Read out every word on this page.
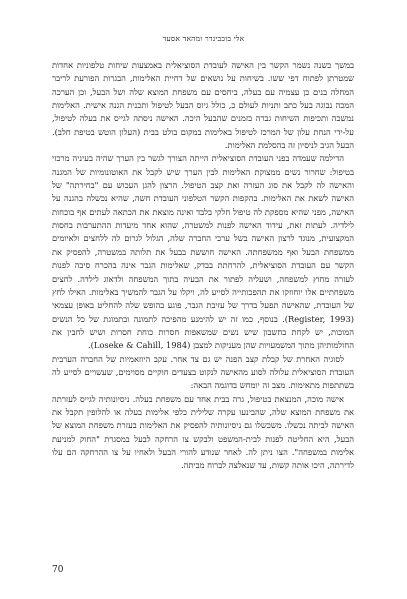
אלי בוכבינדר ומהאד אסעד

במשך כשנה נשמר הקשר בין האישה לעובדת הסוציאלית באמצעות שיחות טלפוניות אחדות שמטרתן לפתוח דפי ששו. בשיחות על נושאים של דחיית האלימות, הבגרות הפורעת לריבר המחלה בנים כן עצמיה עם בעלה, ביחסים עם משפחת המוצא שלה ושל הבעל, וכן הערכה המכה נבוגה בעל כתב ותניות לעולם כ, כולל גיוס הבעל לטיפול ותכנית הגנה אישית. האלימות נמשכה ותכיפות השיחות גברה בזמנים שהבעל היכה. האישה ניסתה לגייס את בעלה לטיפול, על-ידי הנחת עלון של המרכז לטיפול באלימות במקום בולט בבית (העלון הוטש בטיפת חלב). הבעל הגיב לניסיון זה בהסלמת האלימות.

הדילמה שעמדה בפני העובדת הסוציאלית הייתה הצורך לגשר בין הערך שהיה בעיניה מרכזי בטיפול: שחרור נשים ממצוקת האלימות לבין הערך שיש לקבל את האוטונומיות של המגנה והאישה לה לקבל את סוג העזרה ואת קצב הטיפול. הרצון להגן העכוש עם "בחירתה" של האישה לשאת את האלימות. בהקפות הקשר הטלפוני העובדת חשה, שהיא נכשלה בהגנה על האישה, מפני שהיא מספקת לה טיפול חלקי בלבד ואינה מוצאת את הכתאה לעתים אף בוכחות לילדיה. לעתות זאת, עידוד האישה לפנות למשטרה, שהוא אחד מיעדות ההתערבות בחסות המקצועית, מנוגד לרצון האישה בשל ערכי החברה שלה, הגלול לגרום לה ללחצים ולאיומים ממשפחת הבעל ואף ממשפחתה. האישה חוששת בבעל את תלותה במשטרה, להפסיק את הקשר עם העובדת הסוציאלית, להרחתת בבדק, שאלימות הגבר אינה בהכרח סיבה לפנות לעזרה מחוץ למשפחה, ושעליה לפתור את הבעיה בתוך המשפחה ולדאוג לילדה. לחצים משפחתיים אלו יוחוזקו את תהפכותייה לסייע לה, ויקלו על הגבר להמשיך באלימות. האילו לחץ של העובדת, שהאישה תפעל בדרך של עזיבת הגבר, פוגע בהופש שלה להחליט באופן עצמאי (Register, 1993). בנוסף, כמו זה יש להימנע מהפיכה לתמונה ובתמוגת של כל הנשים המוכות, יש לקחת בחשבון שיש נשים שמשאפות חסרות כוחת חסרות ושיש לחבין את החולמותיהן מתוך המשמעויות שהן מעניקות למצבן (Loseke & Cahill, 1984).

לסוגיה האחרת של קבלת קצב הפנה יש גם צד אחר. עקב היוזאמיות של החברה הערבית העובדת הסוציאלית עלולה לסוע מהאישה לנקוט בצעדים חוקיים מסוימים, שעשויים לסייע לה בשתתפות מתאימות. מצב זה יומחש בדוגמה הבאה:

אישה מוכה, המנצאת בטיפול, גרה בבית אחד עם משפחת בעלה. ניסיונותיה לגייס לעזרתה את משפחת המוצא שלה, שהבינעו עקרה שלילית כלפי אלימות בעלה או להלופין תקבל את האישה לביתה נכשלו. משכשלו גם ניסיונותיה להפסיק את האלימות בעזרת משפחת המוצא של הבעל, היא החליטה לפנות לבית-המשפט ולבקש צו הרחקה לבעל במסגרת "החוק למניעת אלימות במשפחה". הצו ניתן לה. לאחר שנודע להורי הבעל ולאחיו על צו ההרחקה הם עלו לדירתה, היכו אותה קשות, עד שנאלצה לברוח מביתה.

70
